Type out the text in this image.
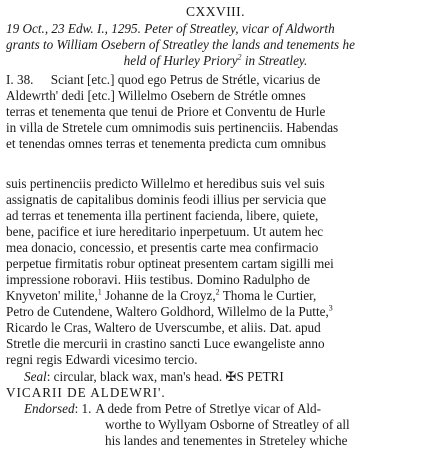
CXXVIII.
19 Oct., 23 Edw. I., 1295. Peter of Streatley, vicar of Aldworth
grants to William Osebern of Streatley the lands and tenements he
held of Hurley Priory$^2$ in Streatley.
I. 38. Sciant [etc.] quod ego Petrus de Strétle, vicarius de
Aldewrth' dedi [etc.] Willelmo Osebern de Strétle omnes
terras et tenementa que tenui de Priore et Conventu de Hurle
in villa de Stretele cum omnimodis suis pertinenciis. Habendas
et tenendas omnes terras et tenementa predicta cum omnibus
suis pertinenciis predicto Willelmo et heredibus suis vel suis
assignatis de capitalibus dominis feodi illius per servicia que
ad terras et tenementa illa pertinent facienda, libere, quiete,
bene, pacifice et iure hereditario inperpetuum. Ut autem hec
mea donacio, concessio, et presentis carte mea confirmacio
perpetue firmitatis robur optineat presentem cartam sigilli mei
impressione roboravi. Hiis testibus. Domino Radulpho de
Knyveton' milite,$^1$ Johanne de la Croyz,$^2$ Thoma le Curtier,
Petro de Cutendene, Waltero Goldhord, Willelmo de la Putte,$^3$
Ricardo le Cras, Waltero de Uverscumbe, et aliis. Dat. apud
Stretle die mercurii in crastino sancti Luce ewangeliste anno
regni regis Edwardi vicesimo tercio.
Seal: circular, black wax, man's head. ✠S PETRI
VICARII DE ALDEWRI'.
Endorsed: 1. A dede from Petre of Stretlye vicar of Ald-
worthe to Wyllyam Osborne of Streatley of all
his landes and tenementes in Streteley whiche
